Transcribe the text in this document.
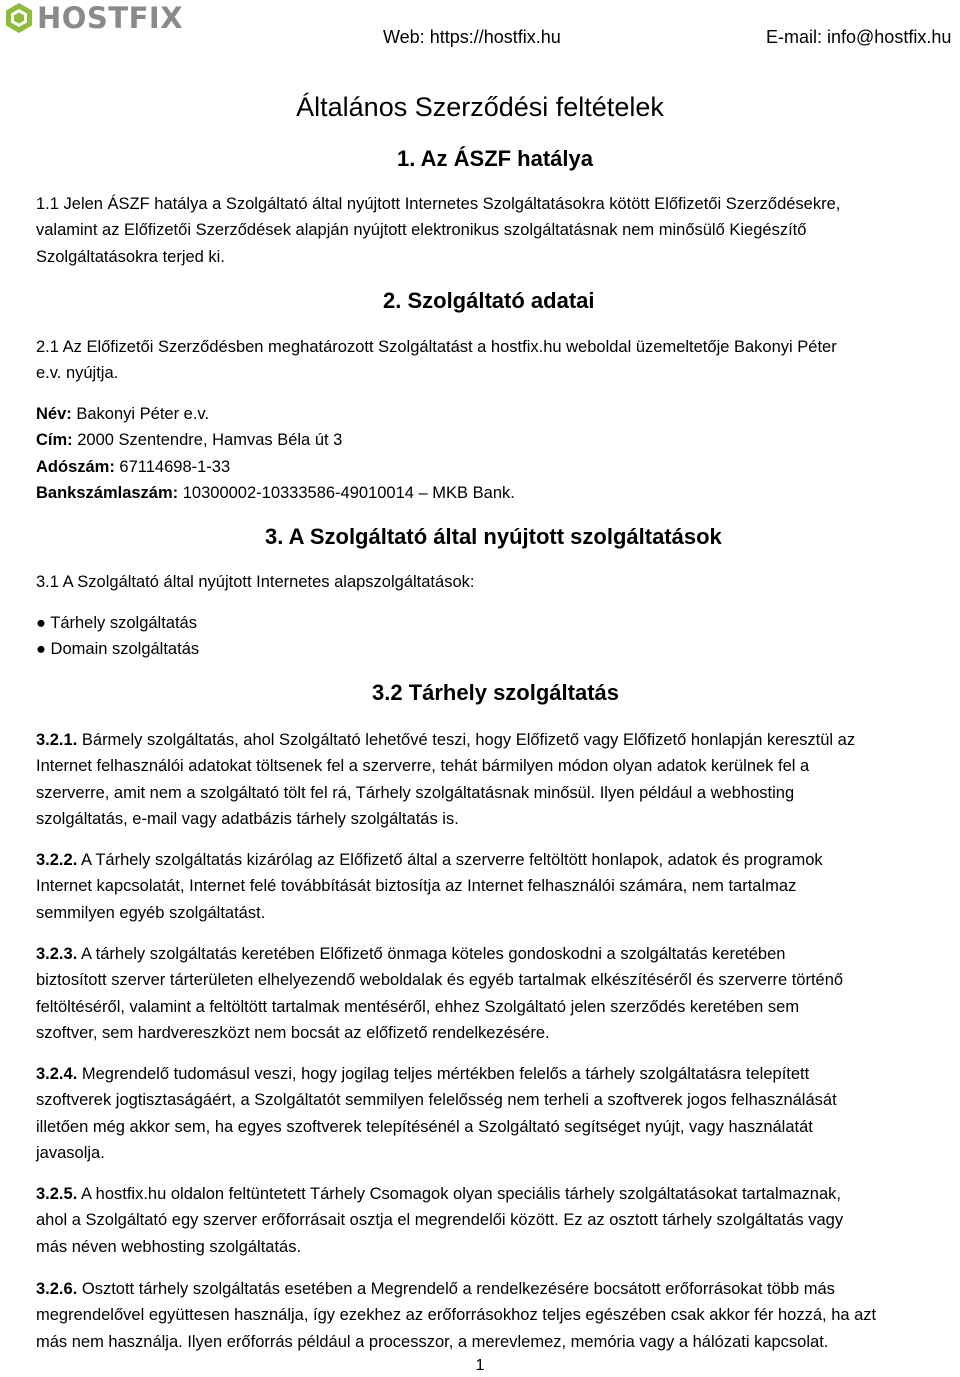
HOSTFIX
Web: https://hostfix.hu	E-mail: info@hostfix.hu
Általános Szerződési feltételek
1. Az ÁSZF hatálya
1.1 Jelen ÁSZF hatálya a Szolgáltató által nyújtott Internetes Szolgáltatásokra kötött Előfizetői Szerződésekre,
valamint az Előfizetői Szerződések alapján nyújtott elektronikus szolgáltatásnak nem minősülő Kiegészítő
Szolgáltatásokra terjed ki.
2. Szolgáltató adatai
2.1 Az Előfizetői Szerződésben meghatározott Szolgáltatást a hostfix.hu weboldal üzemeltetője Bakonyi Péter
e.v. nyújtja.
Név: Bakonyi Péter e.v.
Cím: 2000 Szentendre, Hamvas Béla út 3
Adószám: 67114698-1-33
Bankszámlaszám: 10300002-10333586-49010014 – MKB Bank.
3. A Szolgáltató által nyújtott szolgáltatások
3.1 A Szolgáltató által nyújtott Internetes alapszolgáltatások:
● Tárhely szolgáltatás
● Domain szolgáltatás
3.2 Tárhely szolgáltatás
3.2.1. Bármely szolgáltatás, ahol Szolgáltató lehetővé teszi, hogy Előfizető vagy Előfizető honlapján keresztül az
Internet felhasználói adatokat töltsenek fel a szerverre, tehát bármilyen módon olyan adatok kerülnek fel a
szerverre, amit nem a szolgáltató tölt fel rá, Tárhely szolgáltatásnak minősül. Ilyen például a webhosting
szolgáltatás, e-mail vagy adatbázis tárhely szolgáltatás is.
3.2.2. A Tárhely szolgáltatás kizárólag az Előfizető által a szerverre feltöltött honlapok, adatok és programok
Internet kapcsolatát, Internet felé továbbítását biztosítja az Internet felhasználói számára, nem tartalmaz
semmilyen egyéb szolgáltatást.
3.2.3. A tárhely szolgáltatás keretében Előfizető önmaga köteles gondoskodni a szolgáltatás keretében
biztosított szerver tárterületen elhelyezendő weboldalak és egyéb tartalmak elkészítéséről és szerverre történő
feltöltéséről, valamint a feltöltött tartalmak mentéséről, ehhez Szolgáltató jelen szerződés keretében sem
szoftver, sem hardvereszközt nem bocsát az előfizető rendelkezésére.
3.2.4. Megrendelő tudomásul veszi, hogy jogilag teljes mértékben felelős a tárhely szolgáltatásra telepített
szoftverek jogtisztaságáért, a Szolgáltatót semmilyen felelősség nem terheli a szoftverek jogos felhasználását
illetően még akkor sem, ha egyes szoftverek telepítésénél a Szolgáltató segítséget nyújt, vagy használatát
javasolja.
3.2.5. A hostfix.hu oldalon feltüntetett Tárhely Csomagok olyan speciális tárhely szolgáltatásokat tartalmaznak,
ahol a Szolgáltató egy szerver erőforrásait osztja el megrendelői között. Ez az osztott tárhely szolgáltatás vagy
más néven webhosting szolgáltatás.
3.2.6. Osztott tárhely szolgáltatás esetében a Megrendelő a rendelkezésére bocsátott erőforrásokat több más
megrendelővel együttesen használja, így ezekhez az erőforrásokhoz teljes egészében csak akkor fér hozzá, ha azt
más nem használja. Ilyen erőforrás például a processzor, a merevlemez, memória vagy a hálózati kapcsolat.
1
